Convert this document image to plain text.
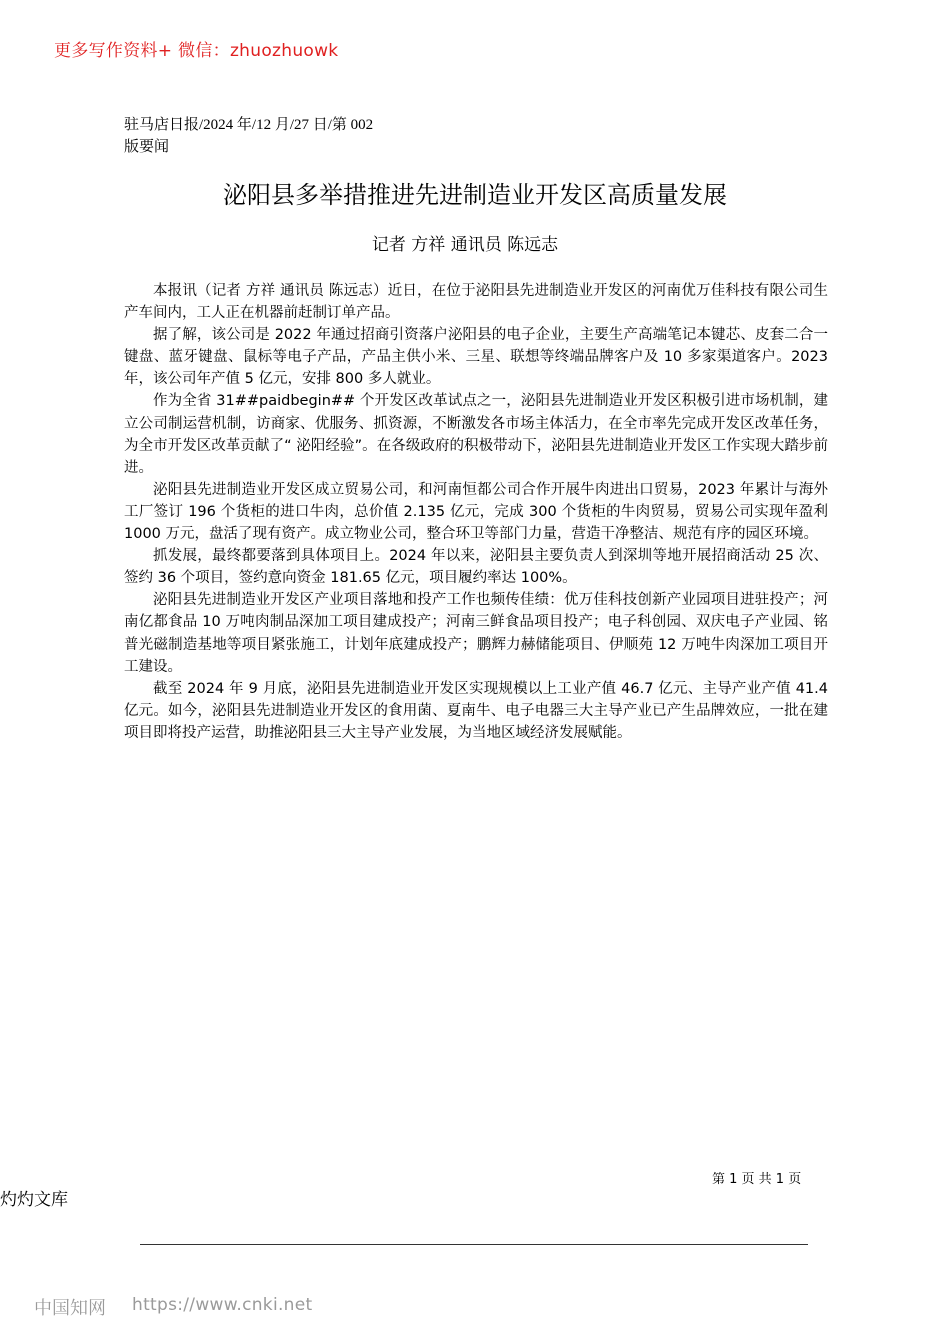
更多写作资料+ 微信：zhuozhuowk
驻马店日报/2024 年/12 月/27 日/第 002
版要闻
泌阳县多举措推进先进制造业开发区高质量发展
记者 方祥 通讯员 陈远志

本报讯（记者 方祥 通讯员 陈远志）近日，在位于泌阳县先进制造业开发区的河南优万佳科技有限公司生产车间内，工人正在机器前赶制订单产品。

据了解，该公司是 2022 年通过招商引资落户泌阳县的电子企业，主要生产高端笔记本键芯、皮套二合一键盘、蓝牙键盘、鼠标等电子产品，产品主供小米、三星、联想等终端品牌客户及 10 多家渠道客户。2023 年，该公司年产值 5 亿元，安排 800 多人就业。

作为全省 31##paidbegin## 个开发区改革试点之一，泌阳县先进制造业开发区积极引进市场机制，建立公司制运营机制，访商家、优服务、抓资源，不断激发各市场主体活力，在全市率先完成开发区改革任务，为全市开发区改革贡献了“ 泌阳经验”。在各级政府的积极带动下，泌阳县先进制造业开发区工作实现大踏步前进。

泌阳县先进制造业开发区成立贸易公司，和河南恒都公司合作开展牛肉进出口贸易，2023 年累计与海外工厂签订 196 个货柜的进口牛肉，总价值 2.135 亿元，完成 300 个货柜的牛肉贸易，贸易公司实现年盈利 1000 万元，盘活了现有资产。成立物业公司，整合环卫等部门力量，营造干净整洁、规范有序的园区环境。

抓发展，最终都要落到具体项目上。2024 年以来，泌阳县主要负责人到深圳等地开展招商活动 25 次、签约 36 个项目，签约意向资金 181.65 亿元，项目履约率达 100%。

泌阳县先进制造业开发区产业项目落地和投产工作也频传佳绩：优万佳科技创新产业园项目进驻投产；河南亿都食品 10 万吨肉制品深加工项目建成投产；河南三鲜食品项目投产；电子科创园、双庆电子产业园、铭普光磁制造基地等项目紧张施工，计划年底建成投产；鹏辉力赫储能项目、伊顺苑 12 万吨牛肉深加工项目开工建设。

截至 2024 年 9 月底，泌阳县先进制造业开发区实现规模以上工业产值 46.7 亿元、主导产业产值 41.4 亿元。如今，泌阳县先进制造业开发区的食用菌、夏南牛、电子电器三大主导产业已产生品牌效应，一批在建项目即将投产运营，助推泌阳县三大主导产业发展，为当地区域经济发展赋能。

第 1 页 共 1 页
灼灼文库
中国知网 https://www.cnki.net
